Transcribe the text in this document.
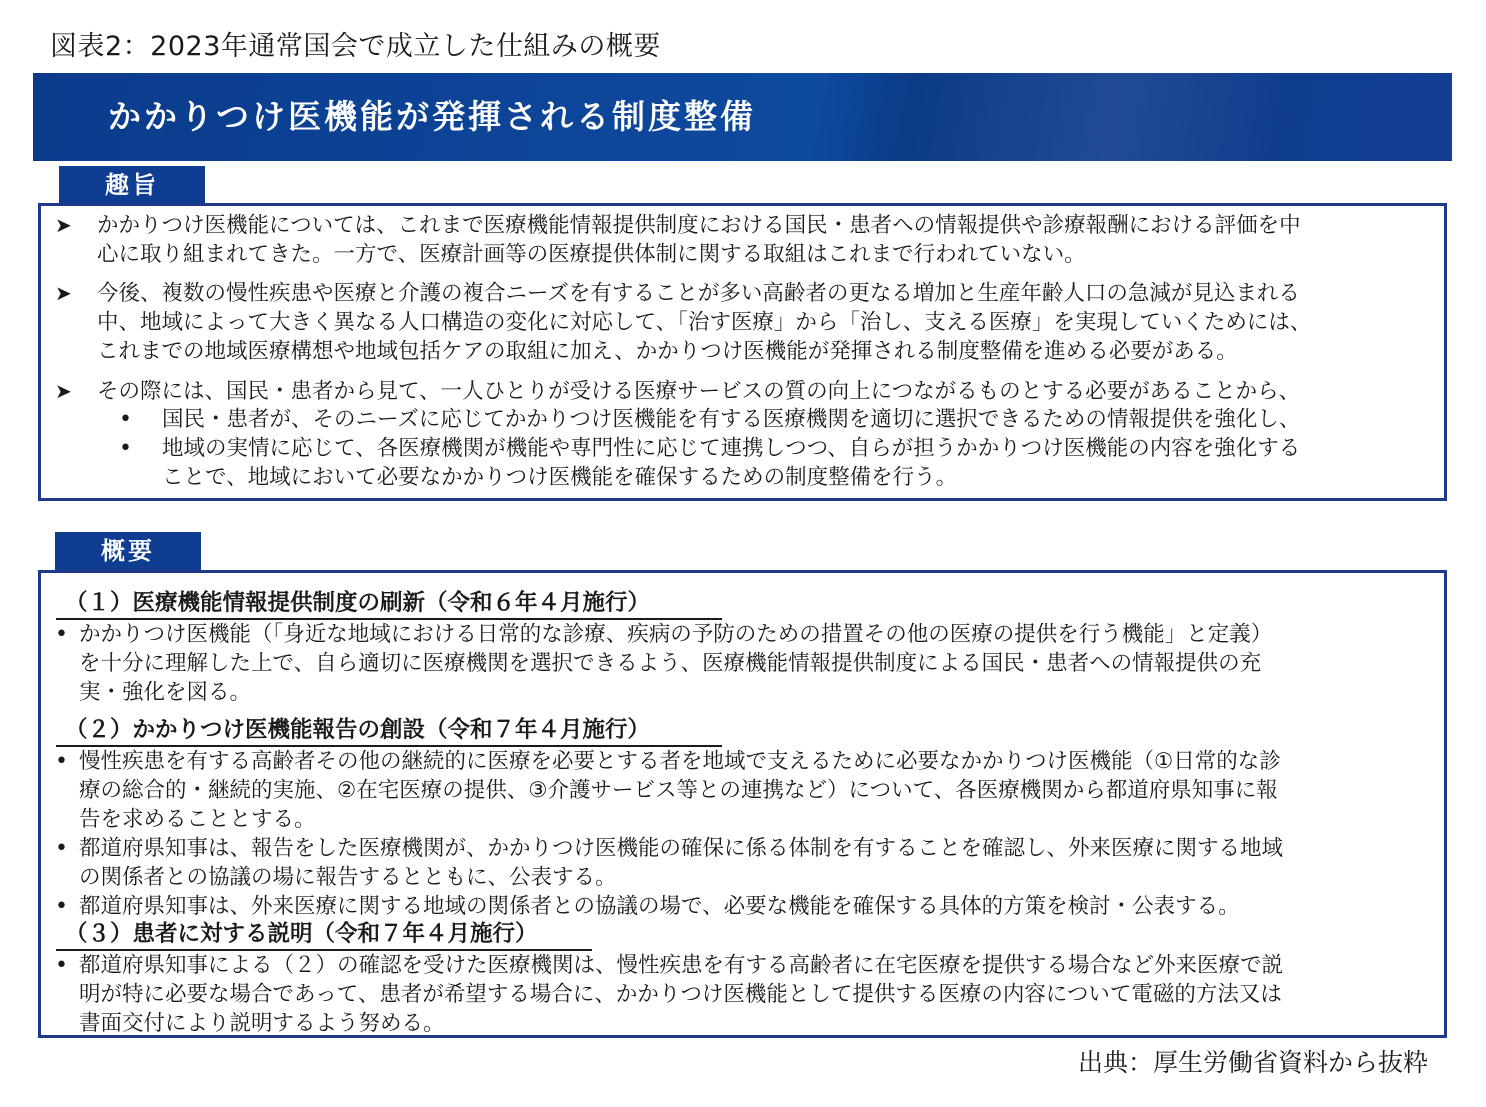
図表2：2023年通常国会で成立した仕組みの概要
かかりつけ医機能が発揮される制度整備
趣旨
➤ かかりつけ医機能については、これまで医療機能情報提供制度における国民・患者への情報提供や診療報酬における評価を中
心に取り組まれてきた。一方で、医療計画等の医療提供体制に関する取組はこれまで行われていない。
➤ 今後、複数の慢性疾患や医療と介護の複合ニーズを有することが多い高齢者の更なる増加と生産年齢人口の急減が見込まれる
中、地域によって大きく異なる人口構造の変化に対応して、「治す医療」から「治し、支える医療」を実現していくためには、
これまでの地域医療構想や地域包括ケアの取組に加え、かかりつけ医機能が発揮される制度整備を進める必要がある。
➤ その際には、国民・患者から見て、一人ひとりが受ける医療サービスの質の向上につながるものとする必要があることから、
• 国民・患者が、そのニーズに応じてかかりつけ医機能を有する医療機関を適切に選択できるための情報提供を強化し、
• 地域の実情に応じて、各医療機関が機能や専門性に応じて連携しつつ、自らが担うかかりつけ医機能の内容を強化する
ことで、地域において必要なかかりつけ医機能を確保するための制度整備を行う。
概要
（１）医療機能情報提供制度の刷新（令和６年４月施行）
• かかりつけ医機能（「身近な地域における日常的な診療、疾病の予防のための措置その他の医療の提供を行う機能」と定義）
を十分に理解した上で、自ら適切に医療機関を選択できるよう、医療機能情報提供制度による国民・患者への情報提供の充
実・強化を図る。
（２）かかりつけ医機能報告の創設（令和７年４月施行）
• 慢性疾患を有する高齢者その他の継続的に医療を必要とする者を地域で支えるために必要なかかりつけ医機能（①日常的な診
療の総合的・継続的実施、②在宅医療の提供、③介護サービス等との連携など）について、各医療機関から都道府県知事に報
告を求めることとする。
• 都道府県知事は、報告をした医療機関が、かかりつけ医機能の確保に係る体制を有することを確認し、外来医療に関する地域
の関係者との協議の場に報告するとともに、公表する。
• 都道府県知事は、外来医療に関する地域の関係者との協議の場で、必要な機能を確保する具体的方策を検討・公表する。
（３）患者に対する説明（令和７年４月施行）
• 都道府県知事による（２）の確認を受けた医療機関は、慢性疾患を有する高齢者に在宅医療を提供する場合など外来医療で説
明が特に必要な場合であって、患者が希望する場合に、かかりつけ医機能として提供する医療の内容について電磁的方法又は
書面交付により説明するよう努める。
出典：厚生労働省資料から抜粋
